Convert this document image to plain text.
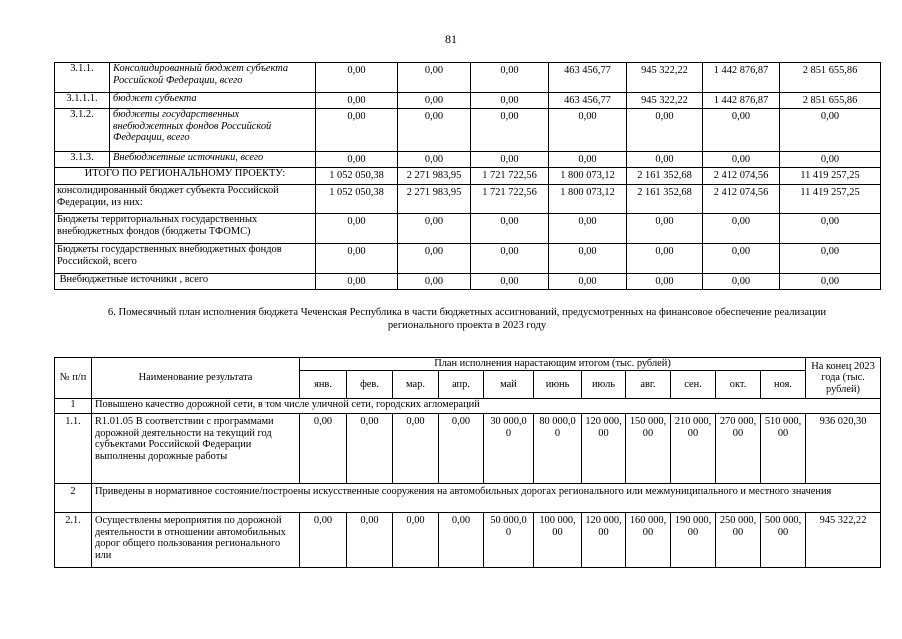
81
3.1.1.	Консолидированный бюджет субъекта Российской Федерации, всего	0,00	0,00	0,00	463 456,77	945 322,22	1 442 876,87	2 851 655,86
3.1.1.1.	бюджет субъекта	0,00	0,00	0,00	463 456,77	945 322,22	1 442 876,87	2 851 655,86
3.1.2.	бюджеты государственных внебюджетных фондов Российской Федерации, всего	0,00	0,00	0,00	0,00	0,00	0,00	0,00
3.1.3.	Внебюджетные источники, всего	0,00	0,00	0,00	0,00	0,00	0,00	0,00
ИТОГО ПО РЕГИОНАЛЬНОМУ ПРОЕКТУ:		1 052 050,38	2 271 983,95	1 721 722,56	1 800 073,12	2 161 352,68	2 412 074,56	11 419 257,25
консолидированный бюджет субъекта Российской Федерации, из них:		1 052 050,38	2 271 983,95	1 721 722,56	1 800 073,12	2 161 352,68	2 412 074,56	11 419 257,25
Бюджеты территориальных государственных внебюджетных фондов (бюджеты ТФОМС)		0,00	0,00	0,00	0,00	0,00	0,00	0,00
Бюджеты государственных внебюджетных фондов Российской, всего		0,00	0,00	0,00	0,00	0,00	0,00	0,00
Внебюджетные источники , всего		0,00	0,00	0,00	0,00	0,00	0,00	0,00
6. Помесячный план исполнения бюджета Чеченская Республика в части бюджетных ассигнований, предусмотренных на финансовое обеспечение реализации
регионального проекта в 2023 году
№ п/п	Наименование результата	План исполнения нарастающим итогом (тыс. рублей)											На конец 2023 года (тыс. рублей)
		янв.	фев.	мар.	апр.	май	июнь	июль	авг.	сен.	окт.	ноя.	
1	Повышено качество дорожной сети, в том числе уличной сети, городских агломераций												
1.1.	R1.01.05 В соответствии с программами дорожной деятельности на текущий год субъектами Российской Федерации выполнены дорожные работы	0,00	0,00	0,00	0,00	30 000,0 0	80 000,0 0	120 000, 00	150 000, 00	210 000, 00	270 000, 00	510 000, 00	936 020,30
2	Приведены в нормативное состояние/построены искусственные сооружения на автомобильных дорогах регионального или межмуниципального и местного значения												
2.1.	Осуществлены мероприятия по дорожной деятельности в отношении автомобильных дорог общего пользования регионального или	0,00	0,00	0,00	0,00	50 000,0 0	100 000, 00	120 000, 00	160 000, 00	190 000, 00	250 000, 00	500 000, 00	945 322,22
